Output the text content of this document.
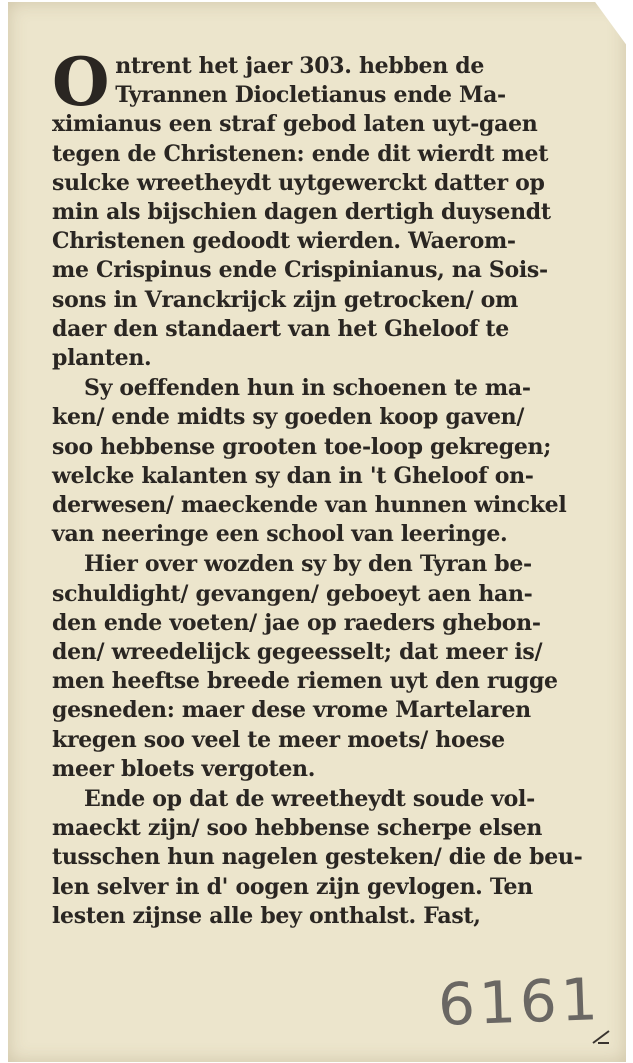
O ntrent het jaer 303. hebben de
Tyrannen Diocletianus ende Ma-
ximianus een straf gebod laten uyt-gaen
tegen de Christenen: ende dit wierdt met
sulcke wreetheydt uytgewerckt datter op
min als bijschien dagen dertigh duysendt
Christenen gedoodt wierden. Waerom-
me Crispinus ende Crispinianus, na Sois-
sons in Vranckrijck zijn getrocken/ om
daer den standaert van het Gheloof te
planten.
Sy oeffenden hun in schoenen te ma-
ken/ ende midts sy goeden koop gaven/
soo hebbense grooten toe-loop gekregen;
welcke kalanten sy dan in 't Gheloof on-
derwesen/ maeckende van hunnen winckel
van neeringe een school van leeringe.
Hier over wozden sy by den Tyran be-
schuldight/ gevangen/ geboeyt aen han-
den ende voeten/ jae op raeders ghebon-
den/ wreedelijck gegeesselt; dat meer is/
men heeftse breede riemen uyt den rugge
gesneden: maer dese vrome Martelaren
kregen soo veel te meer moets/ hoese
meer bloets vergoten.
Ende op dat de wreetheydt soude vol-
maeckt zijn/ soo hebbense scherpe elsen
tusschen hun nagelen gesteken/ die de beu-
len selver in d' oogen zijn gevlogen. Ten
lesten zijnse alle bey onthalst. Fast,
6161
